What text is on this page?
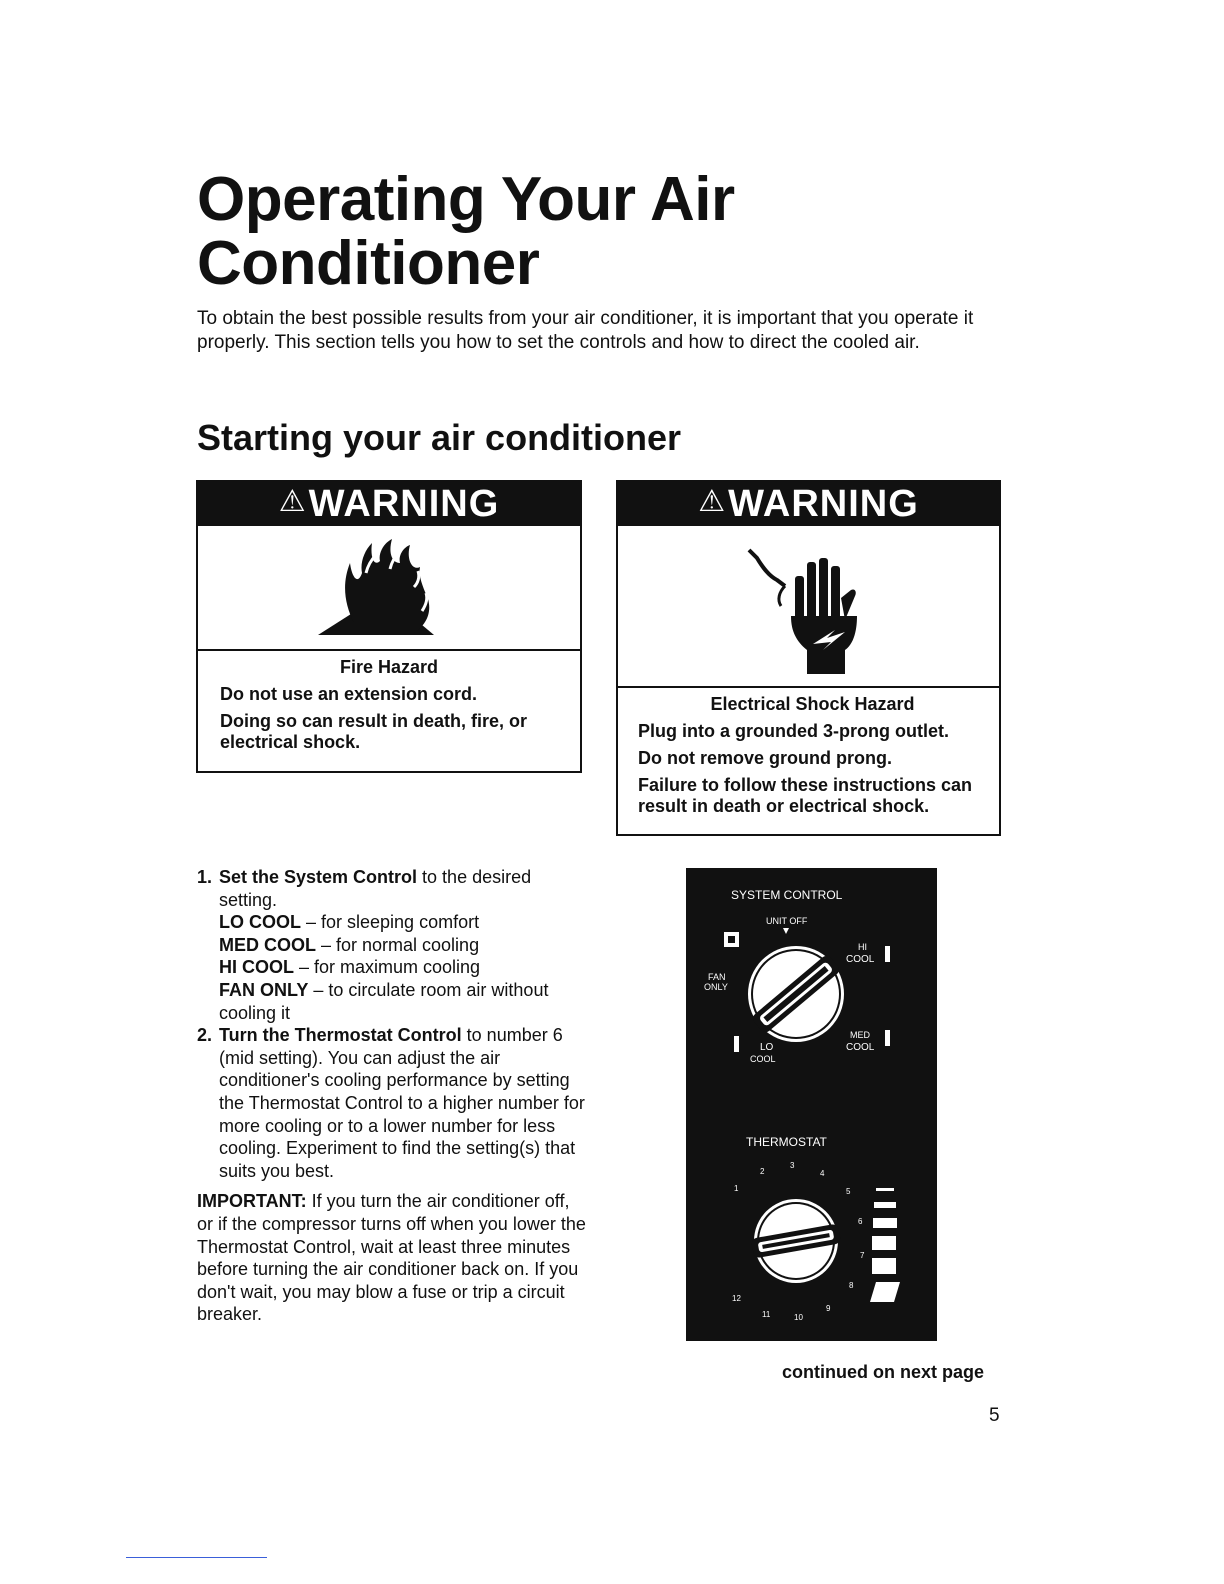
Operating Your Air
Conditioner
To obtain the best possible results from your air conditioner, it is important that you operate it properly. This section tells you how to set the controls and how to direct the cooled air.
Starting your air conditioner
⚠ WARNING
Fire Hazard
Do not use an extension cord.
Doing so can result in death, fire, or electrical shock.
⚠ WARNING
Electrical Shock Hazard
Plug into a grounded 3-prong outlet.
Do not remove ground prong.
Failure to follow these instructions can result in death or electrical shock.
1. Set the System Control to the desired setting.
LO COOL – for sleeping comfort
MED COOL – for normal cooling
HI COOL – for maximum cooling
FAN ONLY – to circulate room air without cooling it
2. Turn the Thermostat Control to number 6 (mid setting). You can adjust the air conditioner's cooling performance by setting the Thermostat Control to a higher number for more cooling or to a lower number for less cooling. Experiment to find the setting(s) that suits you best.
IMPORTANT: If you turn the air conditioner off, or if the compressor turns off when you lower the Thermostat Control, wait at least three minutes before turning the air conditioner back on. If you don't wait, you may blow a fuse or trip a circuit breaker.
SYSTEM CONTROL
UNIT OFF
FAN
ONLY
HI
COOL
MED
COOL
LO
COOL
THERMOSTAT
1
2
3
4
5
6
7
8
9
10
11
12
continued on next page
5
